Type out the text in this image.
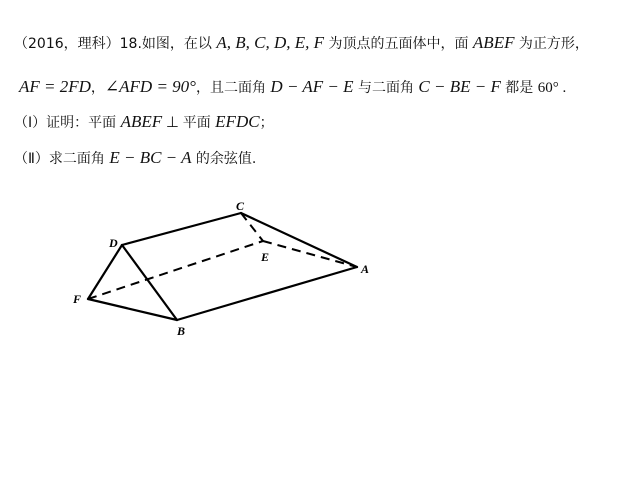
（2016，理科）18.如图，在以 A, B, C, D, E, F 为顶点的五面体中，面 ABEF 为正方形，
AF = 2FD，∠AFD = 90°，且二面角 D − AF − E 与二面角 C − BE − F 都是 60° .
（Ⅰ）证明：平面 ABEF ⊥ 平面 EFDC；
（Ⅱ）求二面角 E − BC − A 的余弦值.
C
D
E
A
F
B
